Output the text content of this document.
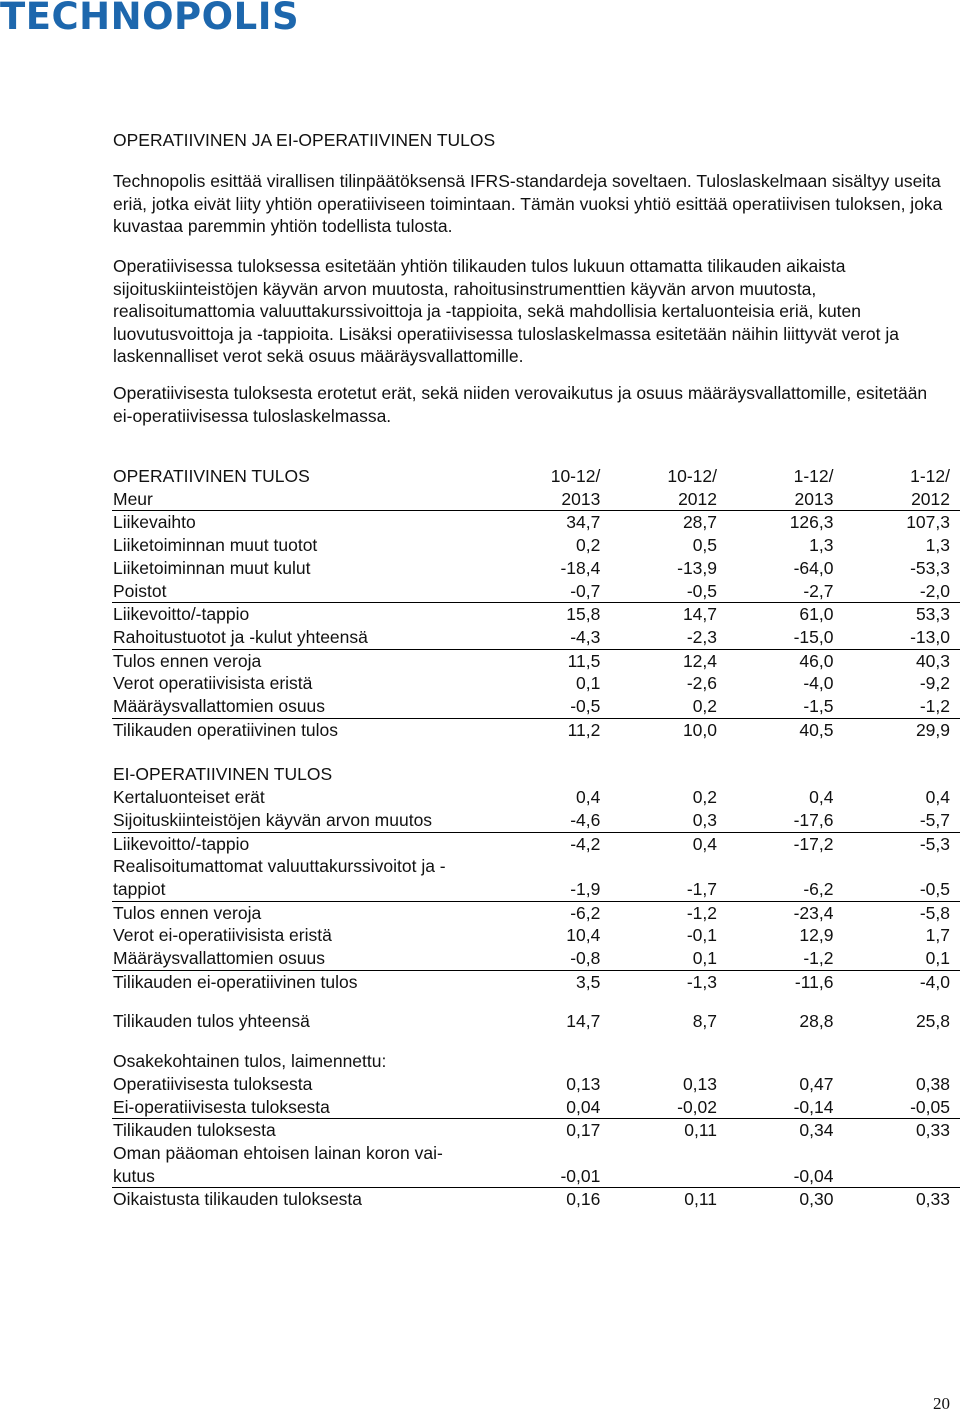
TECHNOPOLIS
OPERATIIVINEN JA EI-OPERATIIVINEN TULOS

Technopolis esittää virallisen tilinpäätöksensä IFRS-standardeja soveltaen. Tuloslaskelmaan sisältyy useita eriä, jotka eivät liity yhtiön operatiiviseen toimintaan. Tämän vuoksi yhtiö esittää operatiivisen tuloksen, joka kuvastaa paremmin yhtiön todellista tulosta.

Operatiivisessa tuloksessa esitetään yhtiön tilikauden tulos lukuun ottamatta tilikauden aikaista sijoituskiinteistöjen käyvän arvon muutosta, rahoitusinstrumenttien käyvän arvon muutosta, realisoitumattomia valuuttakurssivoittoja ja -tappioita, sekä mahdollisia kertaluonteisia eriä, kuten luovutusvoittoja ja -tappioita. Lisäksi operatiivisessa tuloslaskelmassa esitetään näihin liittyvät verot ja laskennalliset verot sekä osuus määräysvallattomille.

Operatiivisesta tuloksesta erotetut erät, sekä niiden verovaikutus ja osuus määräysvallattomille, esitetään ei-operatiivisessa tuloslaskelmassa.

OPERATIIVINEN TULOS	10-12/	10-12/	1-12/	1-12/
Meur	2013	2012	2013	2012
Liikevaihto	34,7	28,7	126,3	107,3
Liiketoiminnan muut tuotot	0,2	0,5	1,3	1,3
Liiketoiminnan muut kulut	-18,4	-13,9	-64,0	-53,3
Poistot	-0,7	-0,5	-2,7	-2,0
Liikevoitto/-tappio	15,8	14,7	61,0	53,3
Rahoitustuotot ja -kulut yhteensä	-4,3	-2,3	-15,0	-13,0
Tulos ennen veroja	11,5	12,4	46,0	40,3
Verot operatiivisista eristä	0,1	-2,6	-4,0	-9,2
Määräysvallattomien osuus	-0,5	0,2	-1,5	-1,2
Tilikauden operatiivinen tulos	11,2	10,0	40,5	29,9

EI-OPERATIIVINEN TULOS				
Kertaluonteiset erät	0,4	0,2	0,4	0,4
Sijoituskiinteistöjen käyvän arvon muutos	-4,6	0,3	-17,6	-5,7
Liikevoitto/-tappio	-4,2	0,4	-17,2	-5,3
Realisoitumattomat valuuttakurssivoitot ja -				
tappiot	-1,9	-1,7	-6,2	-0,5
Tulos ennen veroja	-6,2	-1,2	-23,4	-5,8
Verot ei-operatiivisista eristä	10,4	-0,1	12,9	1,7
Määräysvallattomien osuus	-0,8	0,1	-1,2	0,1
Tilikauden ei-operatiivinen tulos	3,5	-1,3	-11,6	-4,0

Tilikauden tulos yhteensä	14,7	8,7	28,8	25,8

Osakekohtainen tulos, laimennettu:				
Operatiivisesta tuloksesta	0,13	0,13	0,47	0,38
Ei-operatiivisesta tuloksesta	0,04	-0,02	-0,14	-0,05
Tilikauden tuloksesta	0,17	0,11	0,34	0,33
Oman pääoman ehtoisen lainan koron vai-				
kutus	-0,01		-0,04	
Oikaistusta tilikauden tuloksesta	0,16	0,11	0,30	0,33
20
